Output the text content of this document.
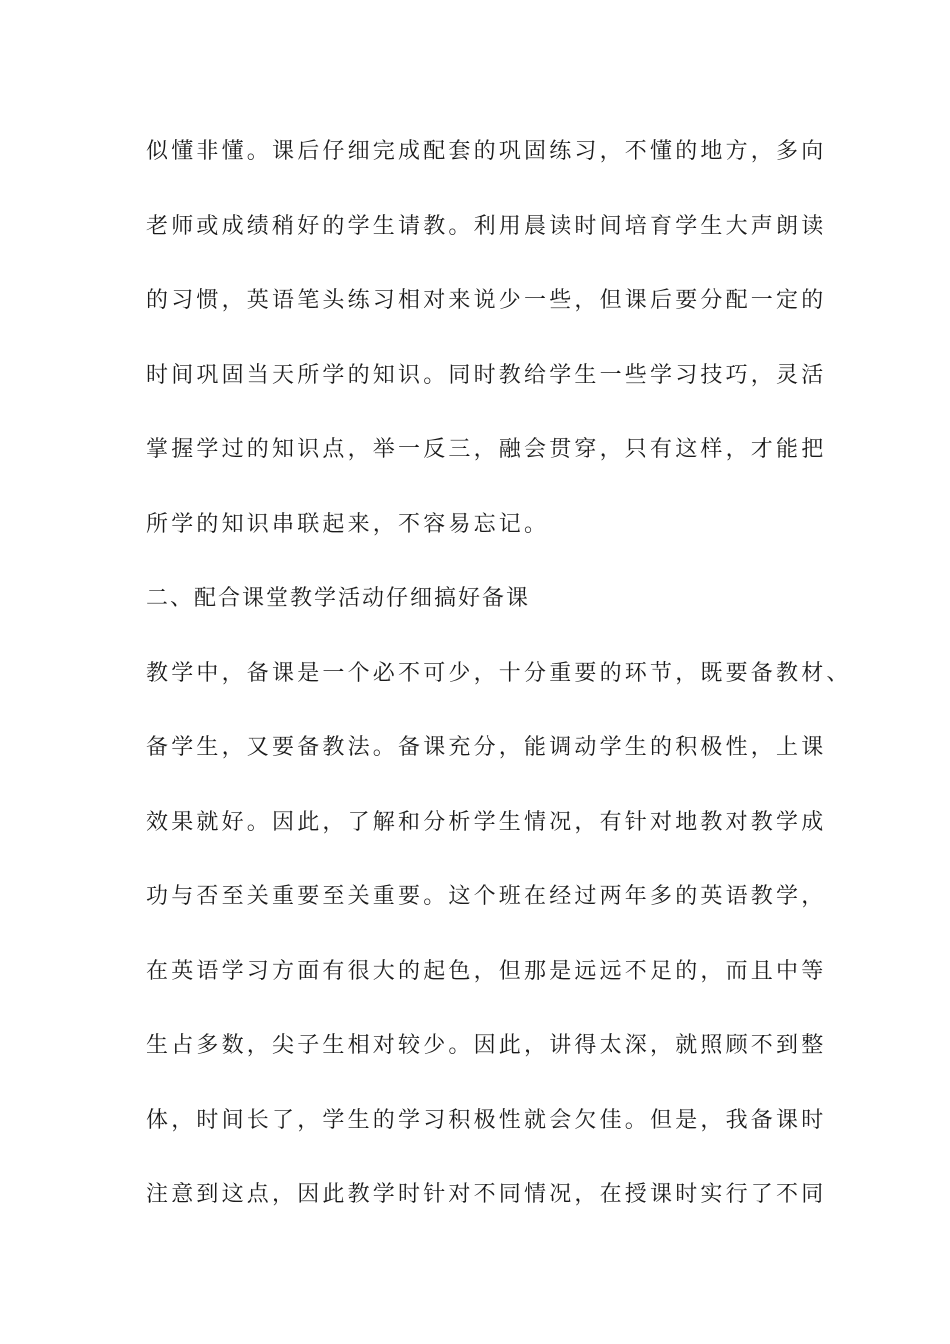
似懂非懂。课后仔细完成配套的巩固练习，不懂的地方，多向
老师或成绩稍好的学生请教。利用晨读时间培育学生大声朗读
的习惯，英语笔头练习相对来说少一些，但课后要分配一定的
时间巩固当天所学的知识。同时教给学生一些学习技巧，灵活
掌握学过的知识点，举一反三，融会贯穿，只有这样，才能把
所学的知识串联起来，不容易忘记。
二、配合课堂教学活动仔细搞好备课
教学中，备课是一个必不可少，十分重要的环节，既要备教材、
备学生，又要备教法。备课充分，能调动学生的积极性，上课
效果就好。因此，了解和分析学生情况，有针对地教对教学成
功与否至关重要至关重要。这个班在经过两年多的英语教学，
在英语学习方面有很大的起色，但那是远远不足的，而且中等
生占多数，尖子生相对较少。因此，讲得太深，就照顾不到整
体，时间长了，学生的学习积极性就会欠佳。但是，我备课时
注意到这点，因此教学时针对不同情况，在授课时实行了不同
